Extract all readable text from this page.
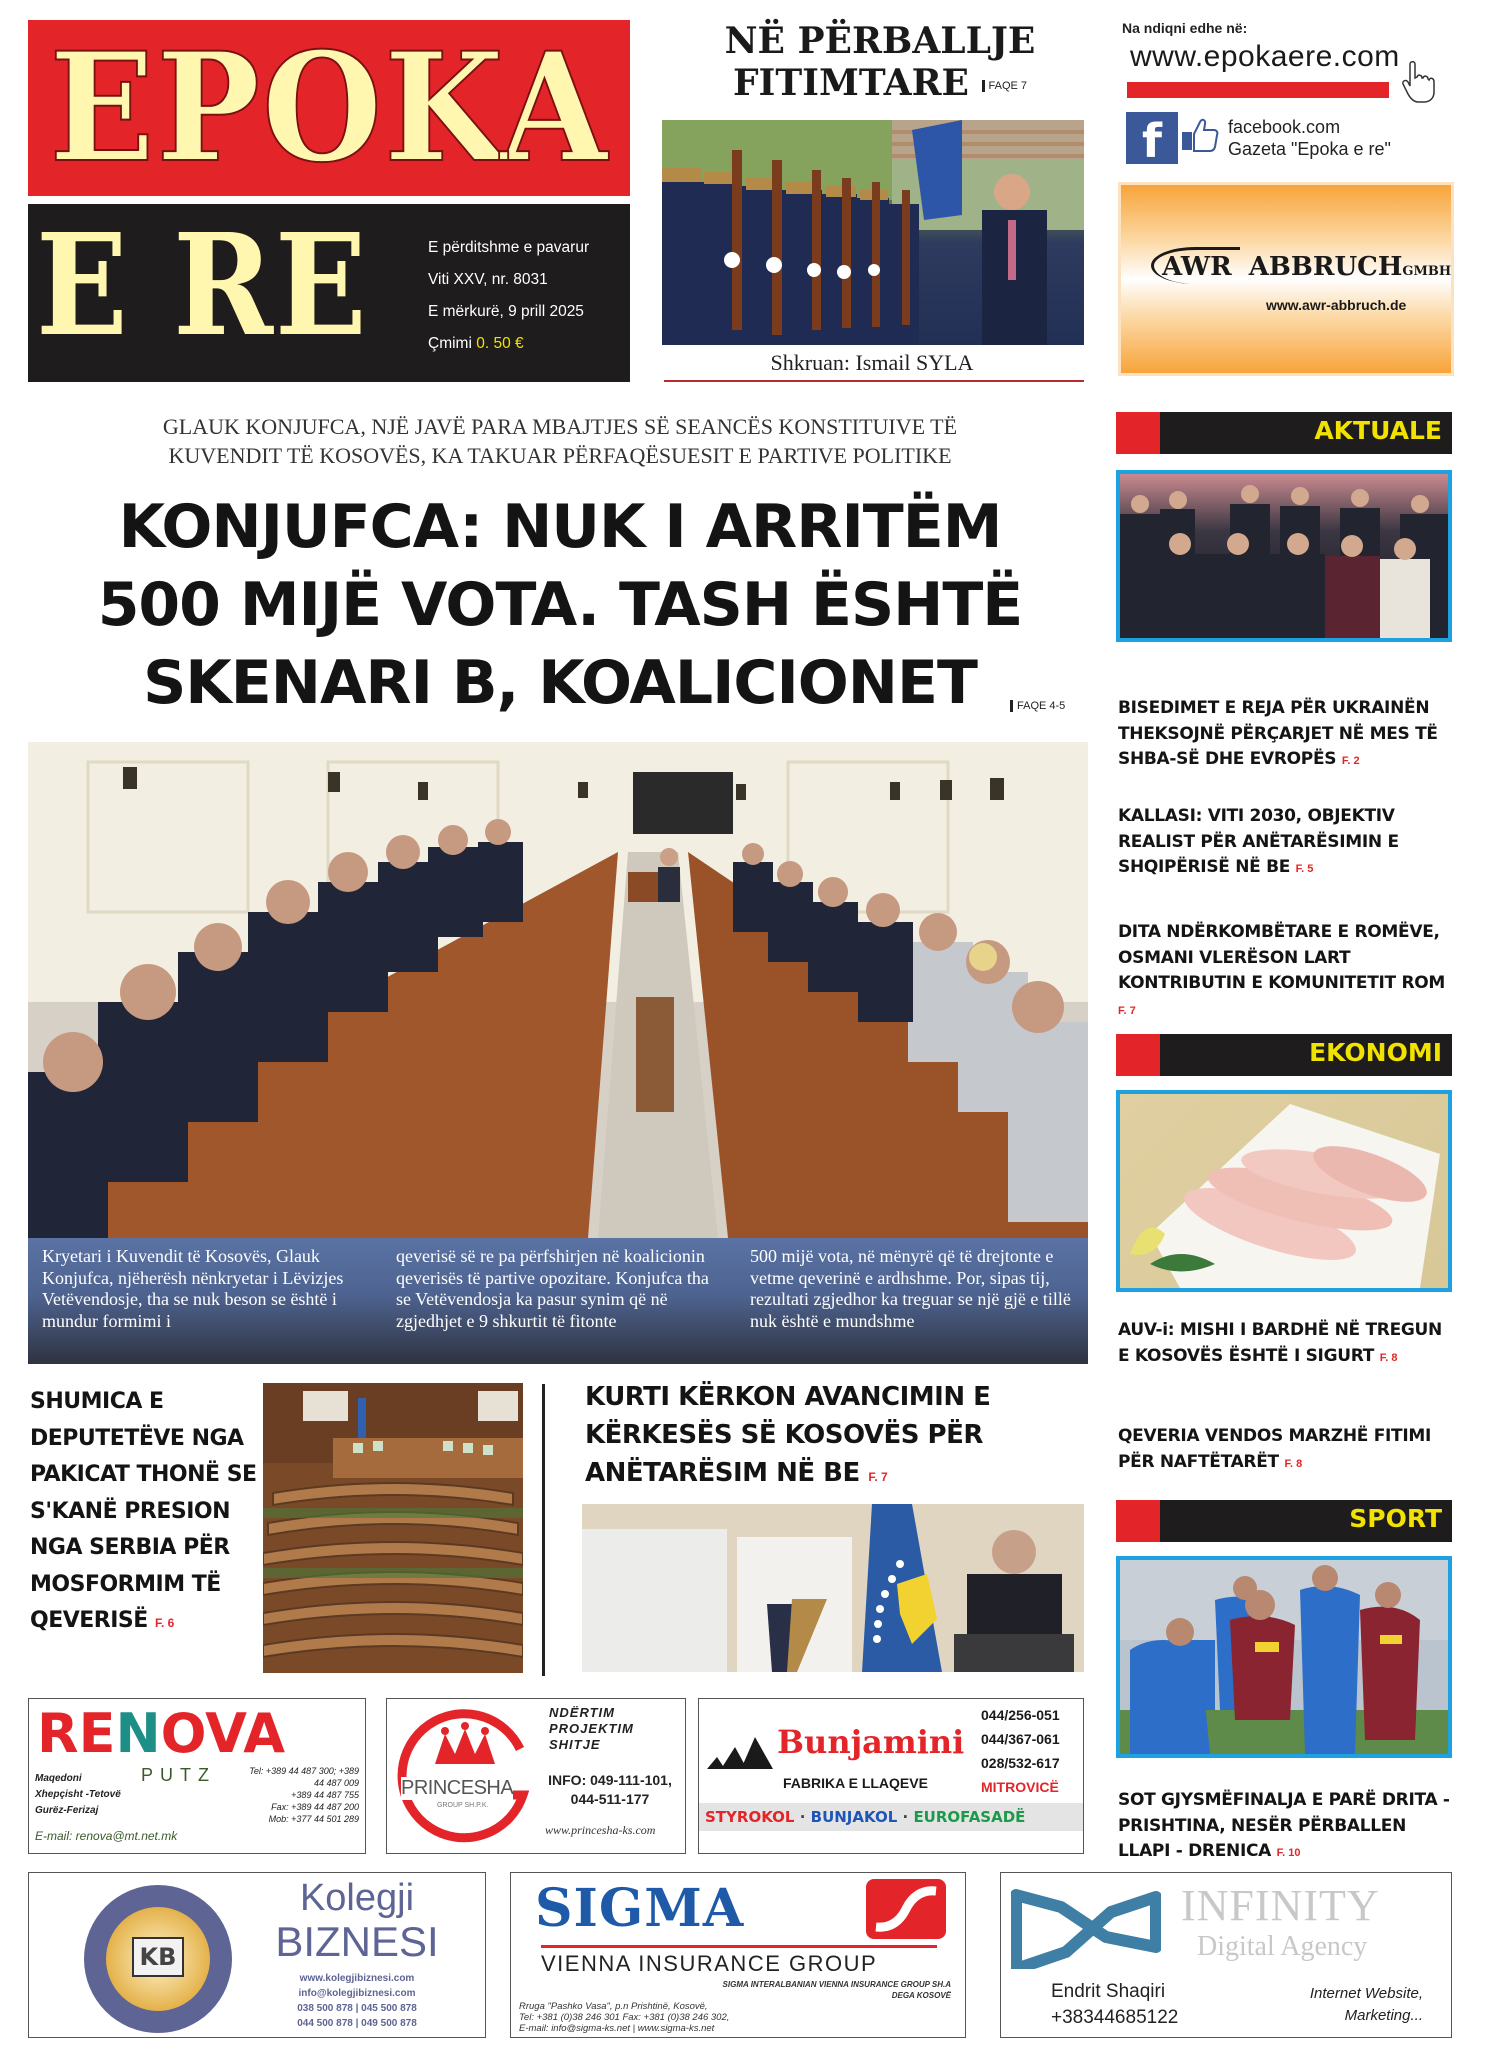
EPOKA
E RE	E përditshme e pavarur
Viti XXV, nr. 8031
E mërkurë, 9 prill 2025
Çmimi 0. 50 €
NË PËRBALLJE
FITIMTARE FAQE 7
Shkruan: Ismail SYLA
Na ndiqni edhe në:
www.epokaere.com
f	facebook.com
Gazeta "Epoka e re"
AWR ABBRUCHGMBH
www.awr-abbruch.de
GLAUK KONJUFCA, NJË JAVË PARA MBAJTJES SË SEANCËS KONSTITUIVE TË
KUVENDIT TË KOSOVËS, KA TAKUAR PËRFAQËSUESIT E PARTIVE POLITIKE
KONJUFCA: NUK I ARRITËM
500 MIJË VOTA. TASH ËSHTË
SKENARI B, KOALICIONET	FAQE 4-5
Kryetari i Kuvendit të Kosovës, Glauk Konjufca, njëherësh nënkryetar i Lëvizjes Vetëvendosje, tha se nuk beson se është i mundur formimi i
qeverisë së re pa përfshirjen në koalicionin qeverisës të partive opozitare. Konjufca tha se Vetëvendosja ka pasur synim që në zgjedhjet e 9 shkurtit të fitonte
500 mijë vota, në mënyrë që të drejtonte e vetme qeverinë e ardhshme. Por, sipas tij, rezultati zgjedhor ka treguar se një gjë e tillë nuk është e mundshme
SHUMICA E DEPUTETËVE NGA PAKICAT THONË SE S'KANË PRESION NGA SERBIA PËR MOSFORMIM TË QEVERISË F. 6
KURTI KËRKON AVANCIMIN E KËRKESËS SË KOSOVËS PËR ANËTARËSIM NË BE F. 7
AKTUALE
BISEDIMET E REJA PËR UKRAINËN THEKSOJNË PËRÇARJET NË MES TË SHBA-SË DHE EVROPËS F. 2
KALLASI: VITI 2030, OBJEKTIV REALIST PËR ANËTARËSIMIN E SHQIPËRISË NË BE F. 5
DITA NDËRKOMBËTARE E ROMËVE, OSMANI VLERËSON LART KONTRIBUTIN E KOMUNITETIT ROM F. 7
EKONOMI
AUV-i: MISHI I BARDHË NË TREGUN E KOSOVËS ËSHTË I SIGURT F. 8
QEVERIA VENDOS MARZHË FITIMI PËR NAFTËTARËT F. 8
SPORT
SOT GJYSMËFINALJA E PARË DRITA - PRISHTINA, NESËR PËRBALLEN LLAPI - DRENICA F. 10
RENOVA
Maqedoni
Xhepçisht -Tetovë
Gurëz-Ferizaj
PUTZ	Tel: +389 44 487 300; +389 44 487 009
+389 44 487 755
Fax: +389 44 487 200
Mob: +377 44 501 289
E-mail: renova@mt.net.mk
PRINCESHA
GROUP SH.P.K.
NDËRTIM
PROJEKTIM
SHITJE
INFO: 049-111-101,
044-511-177
www.princesha-ks.com
Bunjamini
FABRIKA E LLAQEVE
044/256-051
044/367-061
028/532-617
MITROVICË
STYROKOL · BUNJAKOL · EUROFASADË
KB
Kolegji
BIZNESI
www.kolegjibiznesi.com
info@kolegjibiznesi.com
038 500 878 | 045 500 878
044 500 878 | 049 500 878
SIGMA
VIENNA INSURANCE GROUP
SIGMA INTERALBANIAN VIENNA INSURANCE GROUP SH.A
DEGA KOSOVË
Rruga "Pashko Vasa", p.n Prishtinë, Kosovë,
Tel: +381 (0)38 246 301 Fax: +381 (0)38 246 302,
E-mail: info@sigma-ks.net | www.sigma-ks.net
INFINITY
Digital Agency
Endrit Shaqiri
+38344685122
Internet Website,
Marketing...
